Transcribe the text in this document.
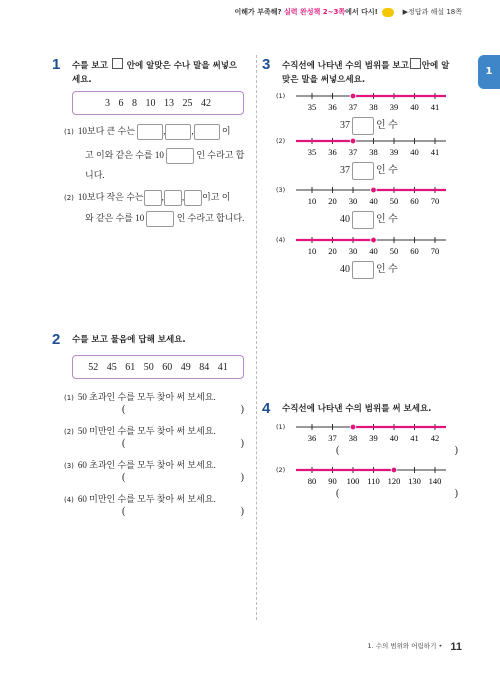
이해가 부족해? 실력 완성책 2~3쪽에서 다시!	▶정답과 해설 18쪽
1
1 수를 보고 안에 알맞은 수나 말을 써넣으
세요.
3 6 8 10 13 25 42
(1) 10보다 큰 수는	,	,	이
고 이와 같은 수를 10	인 수라고 합
니다.
(2) 10보다 작은 수는 , , 이고 이
와 같은 수를 10	인 수라고 합니다.
2 수를 보고 물음에 답해 보세요.
52 45 61 50 60 49 84 41
(1) 50 초과인 수를 모두 찾아 써 보세요.
(	)
(2) 50 미만인 수를 모두 찾아 써 보세요.
(	)
(3) 60 초과인 수를 모두 찾아 써 보세요.
(	)
(4) 60 미만인 수를 모두 찾아 써 보세요.
(	)
3 수직선에 나타낸 수의 범위를 보고 안에 알
맞은 말을 써넣으세요.
(1)
35 36 37 38 39 40 41
37	인 수
(2)
35 36 37 38 39 40 41
37	인 수
(3)
10 20 30 40 50 60 70
40	인 수
(4)
10 20 30 40 50 60 70
40	인 수
4 수직선에 나타낸 수의 범위를 써 보세요.
(1)
36 37 38 39 40 41 42
(	)
(2)
80 90 100 110 120 130 140
(	)
1. 수의 범위와 어림하기 • 11
